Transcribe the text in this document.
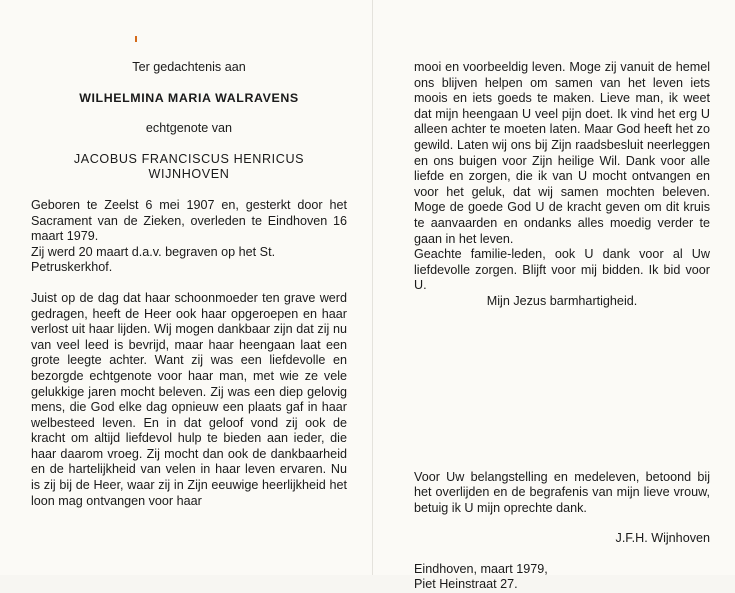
Ter gedachtenis aan

WILHELMINA MARIA WALRAVENS

echtgenote van

JACOBUS FRANCISCUS HENRICUS

WIJNHOVEN

Geboren te Zeelst 6 mei 1907 en, gesterkt door het Sacrament van de Zieken, overleden te Eindhoven 16 maart 1979.

Zij werd 20 maart d.a.v. begraven op het St. Petruskerkhof.

Juist op de dag dat haar schoonmoeder ten grave werd gedragen, heeft de Heer ook haar opgeroepen en haar verlost uit haar lijden. Wij mogen dankbaar zijn dat zij nu van veel leed is bevrijd, maar haar heengaan laat een grote leegte achter. Want zij was een liefdevolle en bezorgde echtgenote voor haar man, met wie ze vele gelukkige jaren mocht beleven. Zij was een diep gelovig mens, die God elke dag opnieuw een plaats gaf in haar welbesteed leven. En in dat geloof vond zij ook de kracht om altijd liefdevol hulp te bieden aan ieder, die haar daarom vroeg. Zij mocht dan ook de dankbaarheid en de hartelijkheid van velen in haar leven ervaren. Nu is zij bij de Heer, waar zij in Zijn eeuwige heerlijkheid het loon mag ontvangen voor haar

mooi en voorbeeldig leven. Moge zij vanuit de hemel ons blijven helpen om samen van het leven iets moois en iets goeds te maken. Lieve man, ik weet dat mijn heengaan U veel pijn doet. Ik vind het erg U alleen achter te moeten laten. Maar God heeft het zo gewild. Laten wij ons bij Zijn raadsbesluit neerleggen en ons buigen voor Zijn heilige Wil. Dank voor alle liefde en zorgen, die ik van U mocht ontvangen en voor het geluk, dat wij samen mochten beleven. Moge de goede God U de kracht geven om dit kruis te aanvaarden en ondanks alles moedig verder te gaan in het leven.

Geachte familie-leden, ook U dank voor al Uw liefdevolle zorgen. Blijft voor mij bidden. Ik bid voor U.

Mijn Jezus barmhartigheid.

Voor Uw belangstelling en medeleven, betoond bij het overlijden en de begrafenis van mijn lieve vrouw, betuig ik U mijn oprechte dank.

J.F.H. Wijnhoven

Eindhoven, maart 1979,

Piet Heinstraat 27.
